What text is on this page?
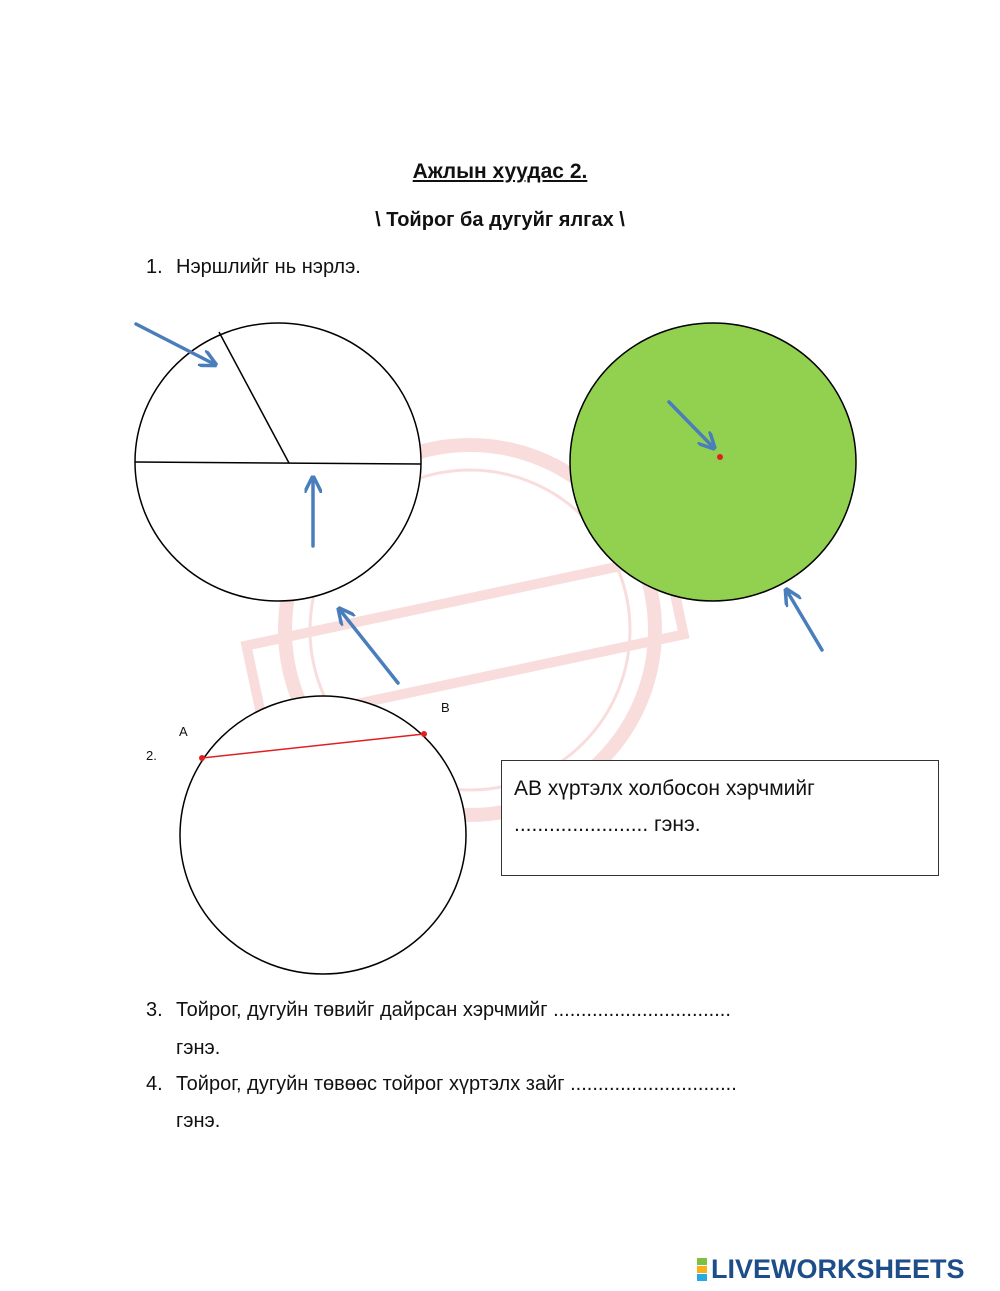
Ажлын хуудас 2.
\ Тойрог ба дугуйг ялгах \
1. Нэршлийг нь нэрлэ.
2.
A
B
АВ хүртэлх холбосон хэрчмийг
....................... гэнэ.
3. Тойрог, дугуйн төвийг дайрсан хэрчмийг ................................
гэнэ.
4. Тойрог, дугуйн төвөөс тойрог хүртэлх зайг ..............................
гэнэ.
LIVEWORKSHEETS
